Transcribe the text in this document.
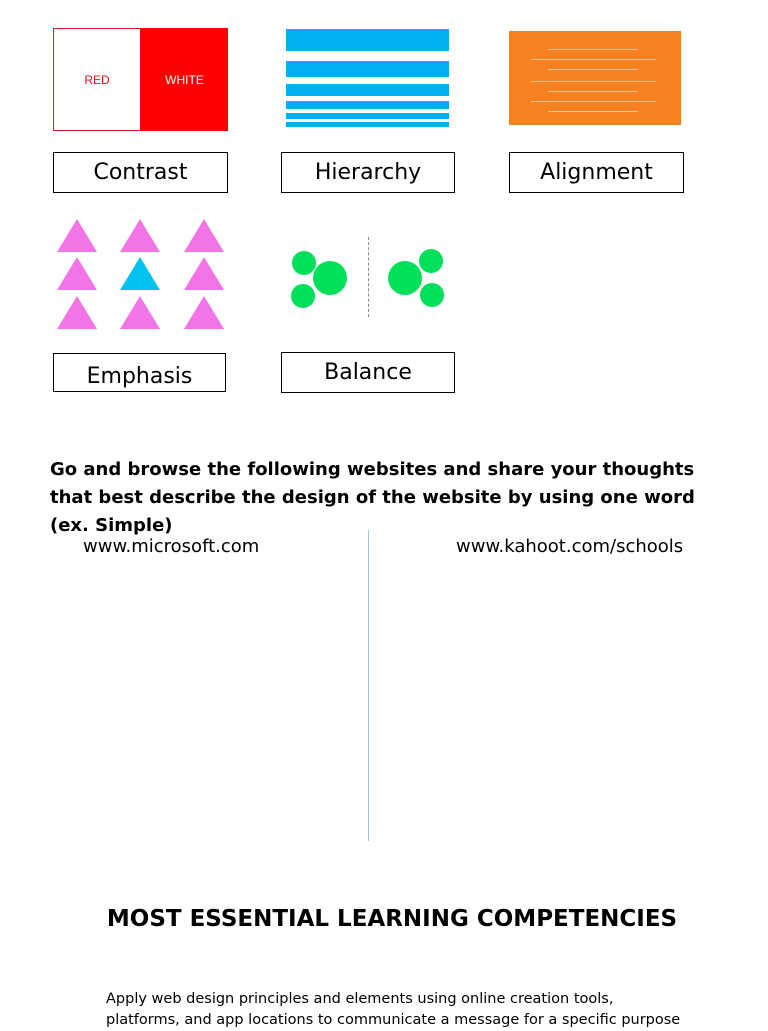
RED	WHITE
Contrast	Hierarchy	Alignment
Emphasis	Balance
Go and browse the following websites and share your thoughts that best describe the design of the website by using one word (ex. Simple)
www.microsoft.com	www.kahoot.com/schools
MOST ESSENTIAL LEARNING COMPETENCIES
Apply web design principles and elements using online creation tools, platforms, and app locations to communicate a message for a specific purpose
